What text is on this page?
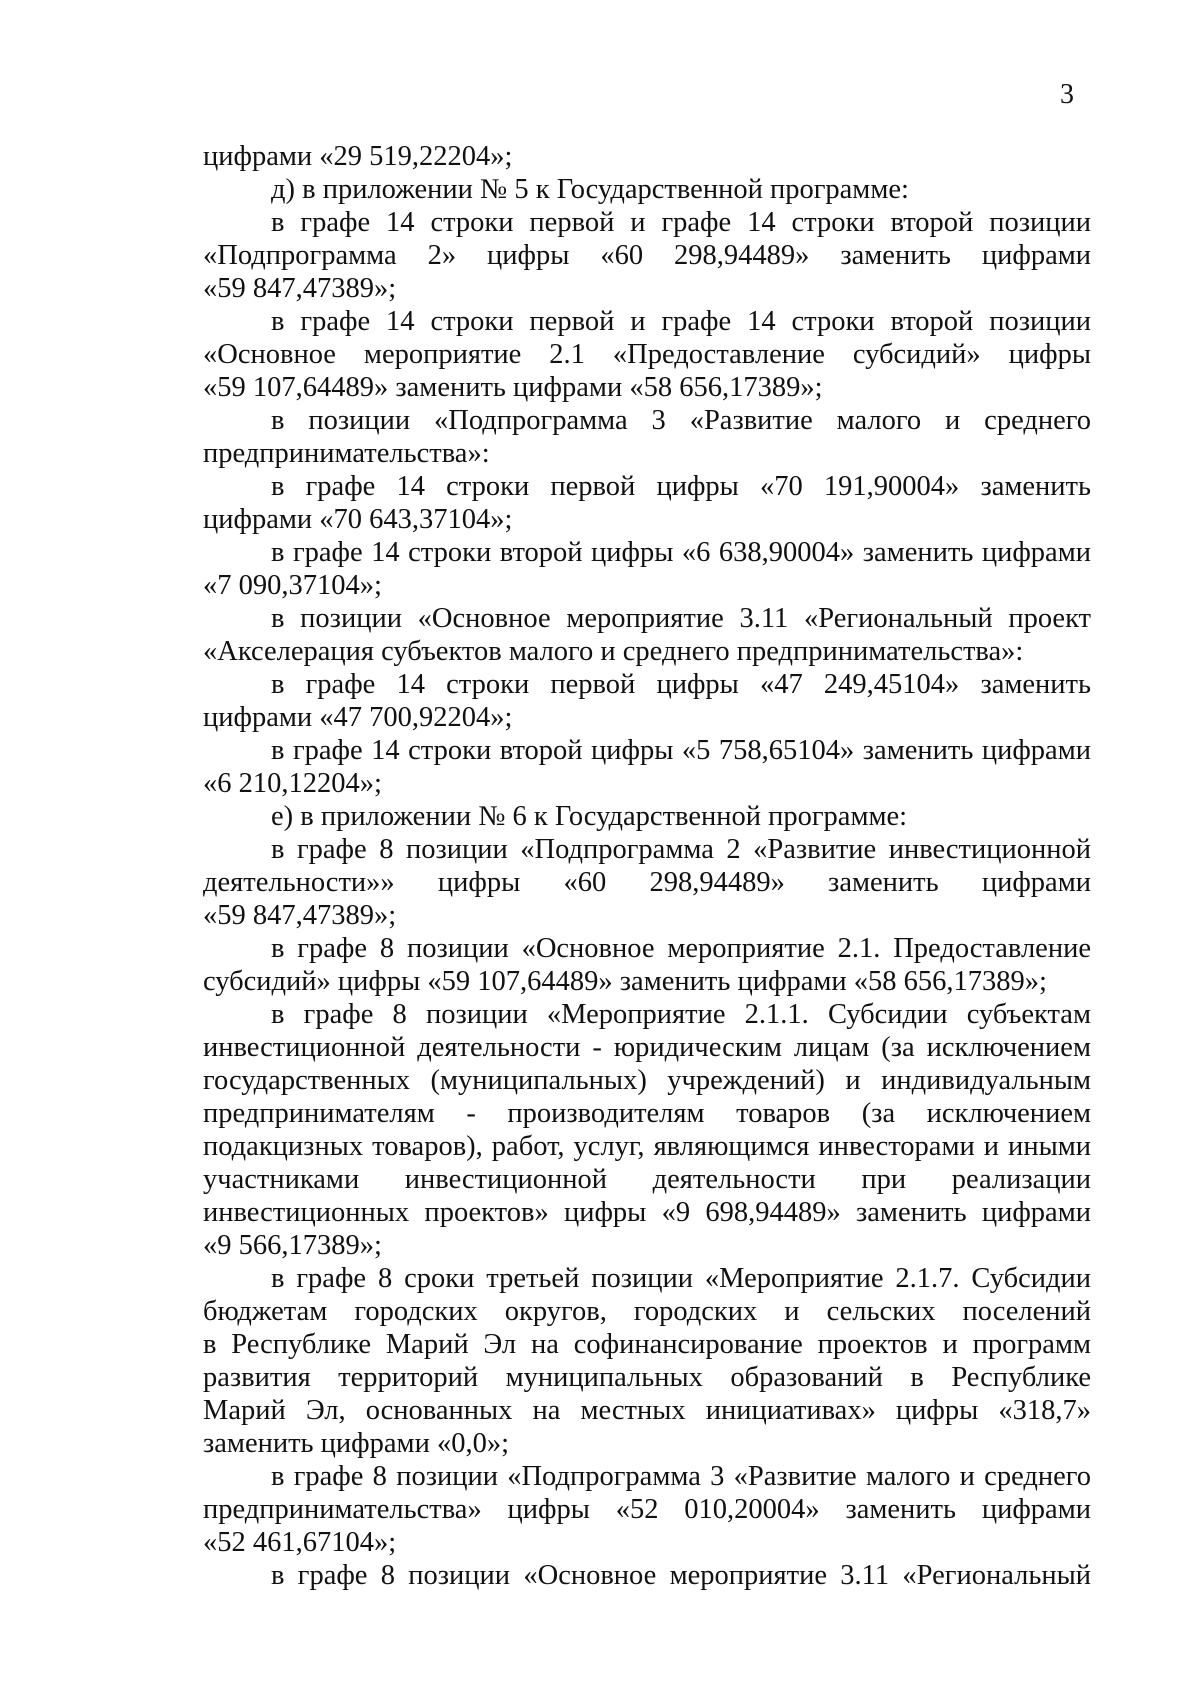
3
цифрами «29 519,22204»;
д) в приложении № 5 к Государственной программе:
в графе 14 строки первой и графе 14 строки второй позиции
«Подпрограмма 2» цифры «60 298,94489» заменить цифрами
«59 847,47389»;
в графе 14 строки первой и графе 14 строки второй позиции
«Основное мероприятие 2.1 «Предоставление субсидий» цифры
«59 107,64489» заменить цифрами «58 656,17389»;
в позиции «Подпрограмма 3 «Развитие малого и среднего
предпринимательства»:
в графе 14 строки первой цифры «70 191,90004» заменить
цифрами «70 643,37104»;
в графе 14 строки второй цифры «6 638,90004» заменить цифрами
«7 090,37104»;
в позиции «Основное мероприятие 3.11 «Региональный проект
«Акселерация субъектов малого и среднего предпринимательства»:
в графе 14 строки первой цифры «47 249,45104» заменить
цифрами «47 700,92204»;
в графе 14 строки второй цифры «5 758,65104» заменить цифрами
«6 210,12204»;
е) в приложении № 6 к Государственной программе:
в графе 8 позиции «Подпрограмма 2 «Развитие инвестиционной
деятельности»» цифры «60 298,94489» заменить цифрами
«59 847,47389»;
в графе 8 позиции «Основное мероприятие 2.1. Предоставление
субсидий» цифры «59 107,64489» заменить цифрами «58 656,17389»;
в графе 8 позиции «Мероприятие 2.1.1. Субсидии субъектам
инвестиционной деятельности - юридическим лицам (за исключением
государственных (муниципальных) учреждений) и индивидуальным
предпринимателям - производителям товаров (за исключением
подакцизных товаров), работ, услуг, являющимся инвесторами и иными
участниками инвестиционной деятельности при реализации
инвестиционных проектов» цифры «9 698,94489» заменить цифрами
«9 566,17389»;
в графе 8 сроки третьей позиции «Мероприятие 2.1.7. Субсидии
бюджетам городских округов, городских и сельских поселений
в Республике Марий Эл на софинансирование проектов и программ
развития территорий муниципальных образований в Республике
Марий Эл, основанных на местных инициативах» цифры «318,7»
заменить цифрами «0,0»;
в графе 8 позиции «Подпрограмма 3 «Развитие малого и среднего
предпринимательства» цифры «52 010,20004» заменить цифрами
«52 461,67104»;
в графе 8 позиции «Основное мероприятие 3.11 «Региональный
